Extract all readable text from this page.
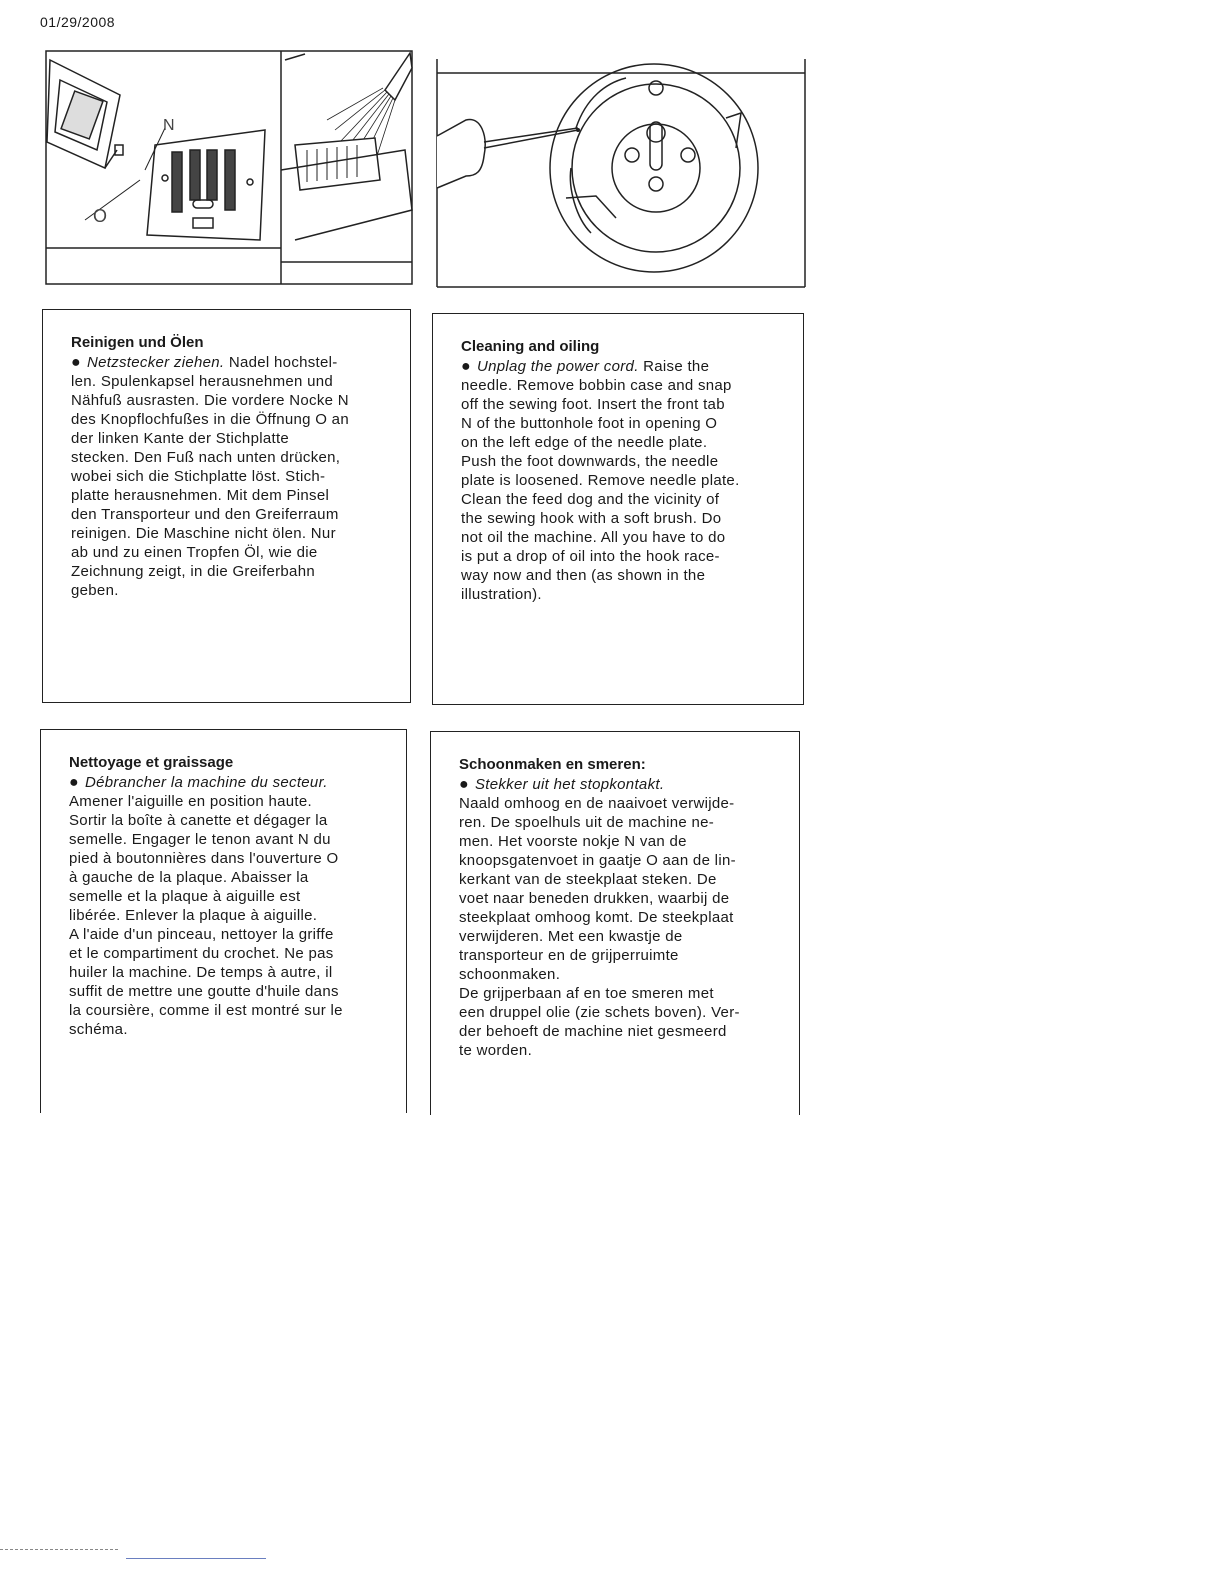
01/29/2008
N
O
Reinigen und Ölen

● Netzstecker ziehen. Nadel hochstel-

len. Spulenkapsel herausnehmen und

Nähfuß ausrasten. Die vordere Nocke N

des Knopflochfußes in die Öffnung O an

der linken Kante der Stichplatte

stecken. Den Fuß nach unten drücken,

wobei sich die Stichplatte löst. Stich-

platte herausnehmen. Mit dem Pinsel

den Transporteur und den Greiferraum

reinigen. Die Maschine nicht ölen. Nur

ab und zu einen Tropfen Öl, wie die

Zeichnung zeigt, in die Greiferbahn

geben.

Cleaning and oiling

● Unplag the power cord. Raise the

needle. Remove bobbin case and snap

off the sewing foot. Insert the front tab

N of the buttonhole foot in opening O

on the left edge of the needle plate.

Push the foot downwards, the needle

plate is loosened. Remove needle plate.

Clean the feed dog and the vicinity of

the sewing hook with a soft brush. Do

not oil the machine. All you have to do

is put a drop of oil into the hook race-

way now and then (as shown in the

illustration).

Nettoyage et graissage

● Débrancher la machine du secteur.

Amener l'aiguille en position haute.

Sortir la boîte à canette et dégager la

semelle. Engager le tenon avant N du

pied à boutonnières dans l'ouverture O

à gauche de la plaque. Abaisser la

semelle et la plaque à aiguille est

libérée. Enlever la plaque à aiguille.

A l'aide d'un pinceau, nettoyer la griffe

et le compartiment du crochet. Ne pas

huiler la machine. De temps à autre, il

suffit de mettre une goutte d'huile dans

la coursière, comme il est montré sur le

schéma.

Schoonmaken en smeren:

● Stekker uit het stopkontakt.

Naald omhoog en de naaivoet verwijde-

ren. De spoelhuls uit de machine ne-

men. Het voorste nokje N van de

knoopsgatenvoet in gaatje O aan de lin-

kerkant van de steekplaat steken. De

voet naar beneden drukken, waarbij de

steekplaat omhoog komt. De steekplaat

verwijderen. Met een kwastje de

transporteur en de grijperruimte

schoonmaken.

De grijperbaan af en toe smeren met

een druppel olie (zie schets boven). Ver-

der behoeft de machine niet gesmeerd

te worden.
